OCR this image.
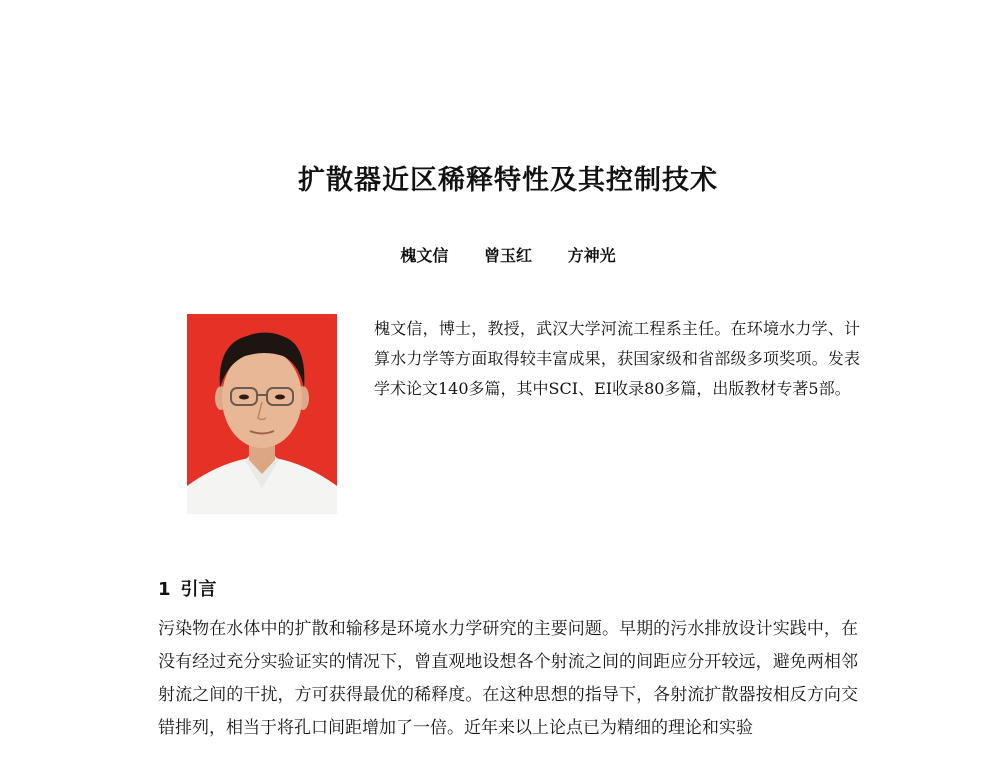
扩散器近区稀释特性及其控制技术
槐文信 曾玉红 方神光
槐文信，博士，教授，武汉大学河流工程系主任。在环境水力学、计算水力学等方面取得较丰富成果，获国家级和省部级多项奖项。发表学术论文140多篇，其中SCI、EI收录80多篇，出版教材专著5部。
1 引言
污染物在水体中的扩散和输移是环境水力学研究的主要问题。早期的污水排放设计实践中，在没有经过充分实验证实的情况下，曾直观地设想各个射流之间的间距应分开较远，避免两相邻射流之间的干扰，方可获得最优的稀释度。在这种思想的指导下，各射流扩散器按相反方向交错排列，相当于将孔口间距增加了一倍。近年来以上论点已为精细的理论和实验
